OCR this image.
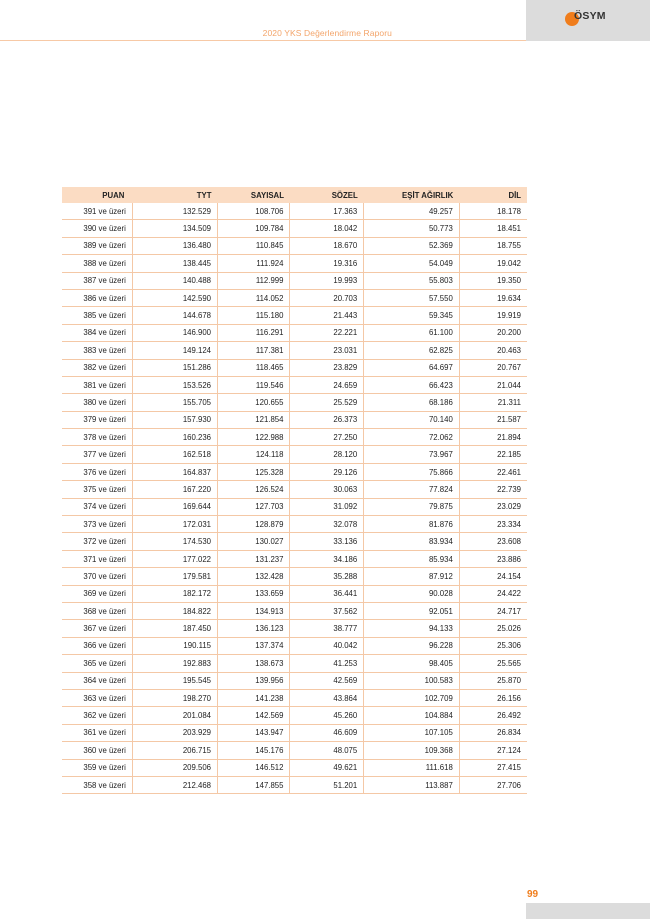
2020 YKS Değerlendirme Raporu
ÖSYM
PUAN	TYT	SAYISAL	SÖZEL	EŞİT AĞIRLIK	DİL
391 ve üzeri	132.529	108.706	17.363	49.257	18.178
390 ve üzeri	134.509	109.784	18.042	50.773	18.451
389 ve üzeri	136.480	110.845	18.670	52.369	18.755
388 ve üzeri	138.445	111.924	19.316	54.049	19.042
387 ve üzeri	140.488	112.999	19.993	55.803	19.350
386 ve üzeri	142.590	114.052	20.703	57.550	19.634
385 ve üzeri	144.678	115.180	21.443	59.345	19.919
384 ve üzeri	146.900	116.291	22.221	61.100	20.200
383 ve üzeri	149.124	117.381	23.031	62.825	20.463
382 ve üzeri	151.286	118.465	23.829	64.697	20.767
381 ve üzeri	153.526	119.546	24.659	66.423	21.044
380 ve üzeri	155.705	120.655	25.529	68.186	21.311
379 ve üzeri	157.930	121.854	26.373	70.140	21.587
378 ve üzeri	160.236	122.988	27.250	72.062	21.894
377 ve üzeri	162.518	124.118	28.120	73.967	22.185
376 ve üzeri	164.837	125.328	29.126	75.866	22.461
375 ve üzeri	167.220	126.524	30.063	77.824	22.739
374 ve üzeri	169.644	127.703	31.092	79.875	23.029
373 ve üzeri	172.031	128.879	32.078	81.876	23.334
372 ve üzeri	174.530	130.027	33.136	83.934	23.608
371 ve üzeri	177.022	131.237	34.186	85.934	23.886
370 ve üzeri	179.581	132.428	35.288	87.912	24.154
369 ve üzeri	182.172	133.659	36.441	90.028	24.422
368 ve üzeri	184.822	134.913	37.562	92.051	24.717
367 ve üzeri	187.450	136.123	38.777	94.133	25.026
366 ve üzeri	190.115	137.374	40.042	96.228	25.306
365 ve üzeri	192.883	138.673	41.253	98.405	25.565
364 ve üzeri	195.545	139.956	42.569	100.583	25.870
363 ve üzeri	198.270	141.238	43.864	102.709	26.156
362 ve üzeri	201.084	142.569	45.260	104.884	26.492
361 ve üzeri	203.929	143.947	46.609	107.105	26.834
360 ve üzeri	206.715	145.176	48.075	109.368	27.124
359 ve üzeri	209.506	146.512	49.621	111.618	27.415
358 ve üzeri	212.468	147.855	51.201	113.887	27.706
99
